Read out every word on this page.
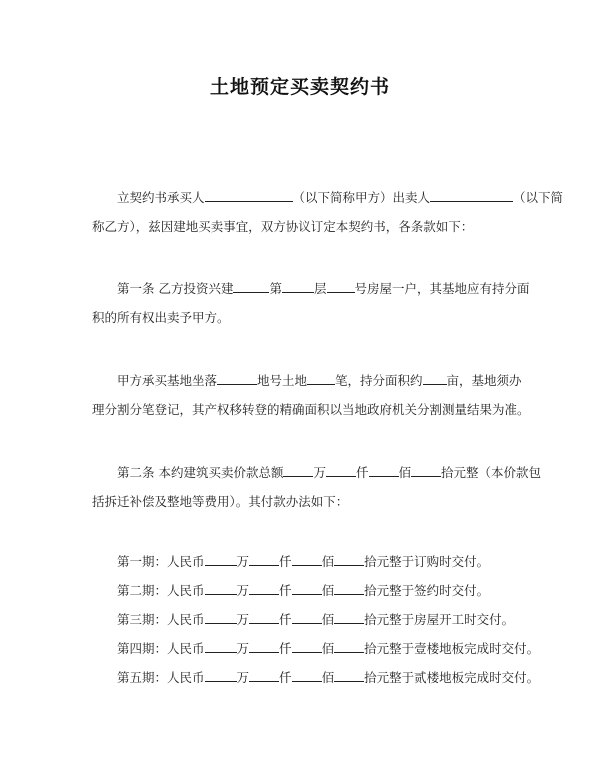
土地预定买卖契约书
立契约书承买人	（以下简称甲方）出卖人	（以下简
称乙方），兹因建地买卖事宜，双方协议订定本契约书，各条款如下：
第一条 乙方投资兴建	第	层 号房屋一户，其基地应有持分面
积的所有权出卖予甲方。
甲方承买基地坐落	地号土地 笔，持分面积约 亩，基地须办
理分割分笔登记，其产权移转登的精确面积以当地政府机关分割测量结果为准。
第二条 本约建筑买卖价款总额 万 仟 佰 拾元整（本价款包
括拆迁补偿及整地等费用）。其付款办法如下：
第一期：人民币	万 仟 佰 拾元整于订购时交付。
第二期：人民币	万 仟 佰 拾元整于签约时交付。
第三期：人民币	万 仟 佰 拾元整于房屋开工时交付。
第四期：人民币	万 仟 佰 拾元整于壹楼地板完成时交付。
第五期：人民币	万 仟 佰 拾元整于贰楼地板完成时交付。
